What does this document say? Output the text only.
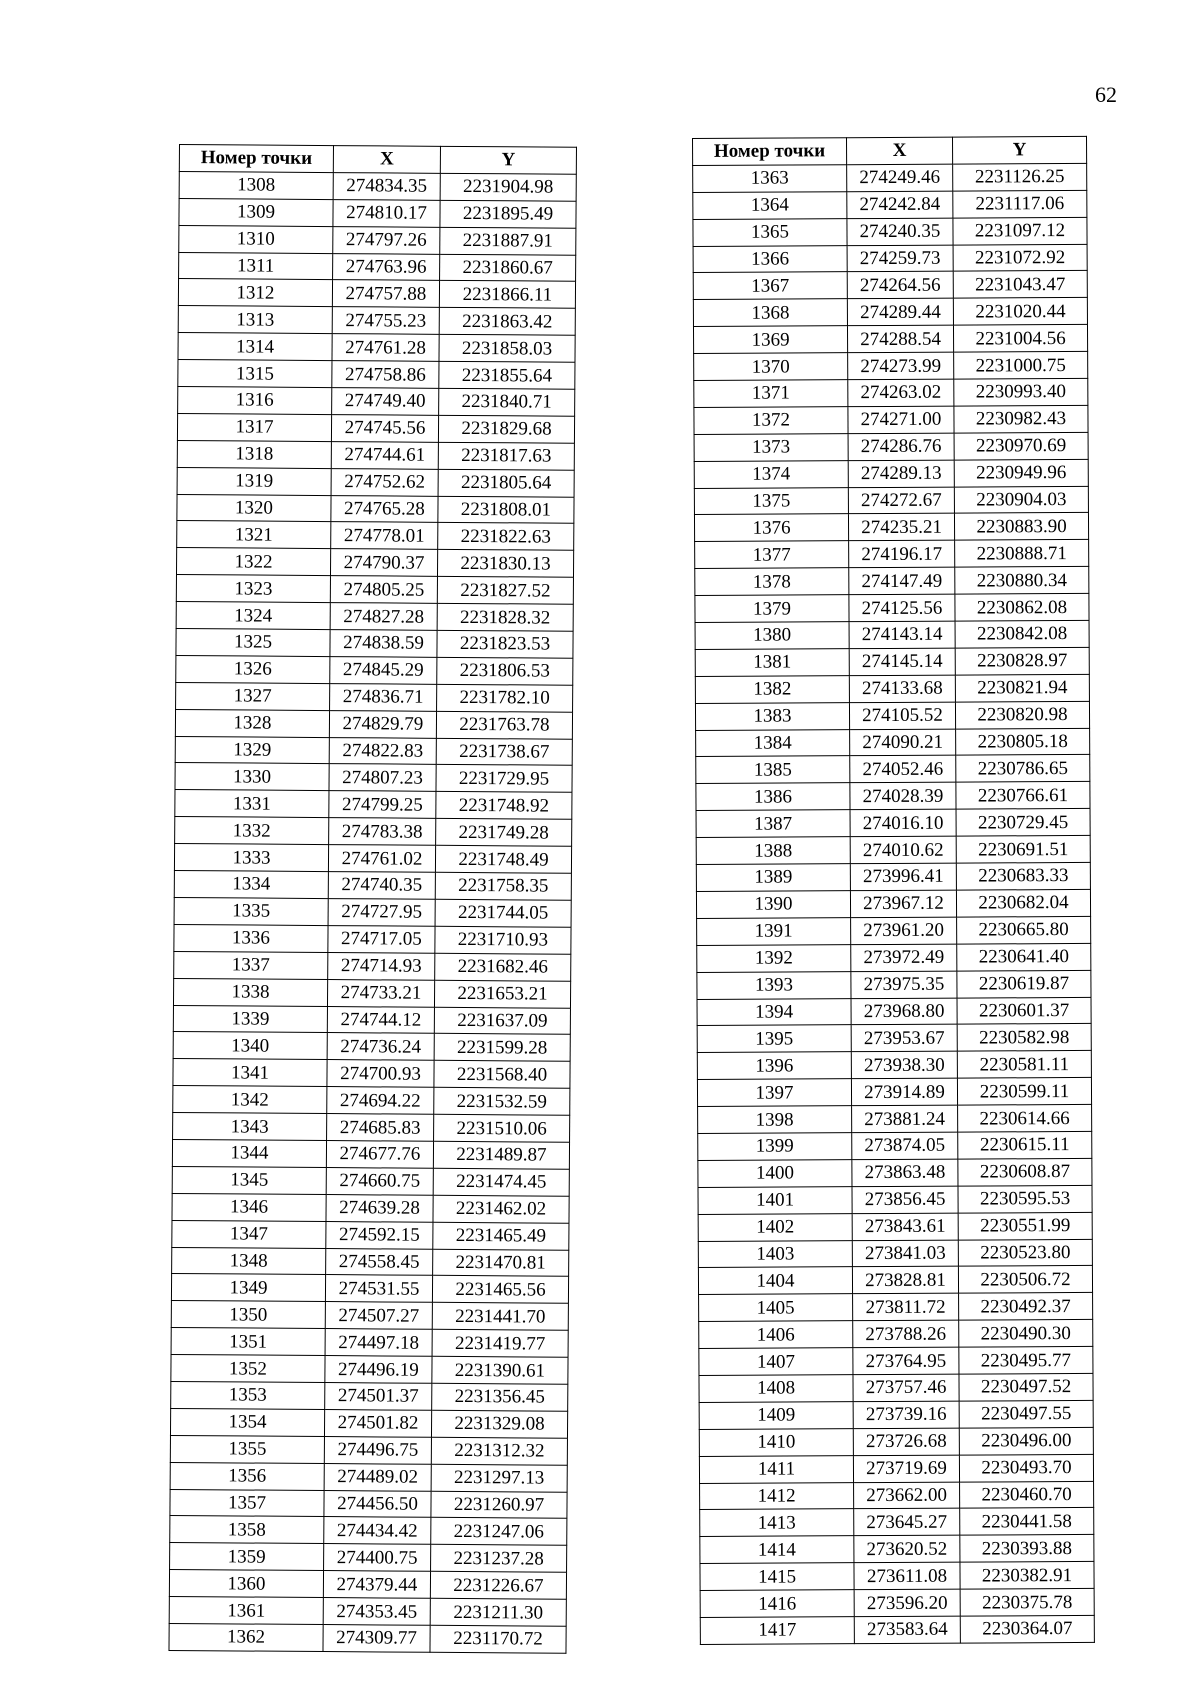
62
Номер точки	X	Y
1308	274834.35	2231904.98
1309	274810.17	2231895.49
1310	274797.26	2231887.91
1311	274763.96	2231860.67
1312	274757.88	2231866.11
1313	274755.23	2231863.42
1314	274761.28	2231858.03
1315	274758.86	2231855.64
1316	274749.40	2231840.71
1317	274745.56	2231829.68
1318	274744.61	2231817.63
1319	274752.62	2231805.64
1320	274765.28	2231808.01
1321	274778.01	2231822.63
1322	274790.37	2231830.13
1323	274805.25	2231827.52
1324	274827.28	2231828.32
1325	274838.59	2231823.53
1326	274845.29	2231806.53
1327	274836.71	2231782.10
1328	274829.79	2231763.78
1329	274822.83	2231738.67
1330	274807.23	2231729.95
1331	274799.25	2231748.92
1332	274783.38	2231749.28
1333	274761.02	2231748.49
1334	274740.35	2231758.35
1335	274727.95	2231744.05
1336	274717.05	2231710.93
1337	274714.93	2231682.46
1338	274733.21	2231653.21
1339	274744.12	2231637.09
1340	274736.24	2231599.28
1341	274700.93	2231568.40
1342	274694.22	2231532.59
1343	274685.83	2231510.06
1344	274677.76	2231489.87
1345	274660.75	2231474.45
1346	274639.28	2231462.02
1347	274592.15	2231465.49
1348	274558.45	2231470.81
1349	274531.55	2231465.56
1350	274507.27	2231441.70
1351	274497.18	2231419.77
1352	274496.19	2231390.61
1353	274501.37	2231356.45
1354	274501.82	2231329.08
1355	274496.75	2231312.32
1356	274489.02	2231297.13
1357	274456.50	2231260.97
1358	274434.42	2231247.06
1359	274400.75	2231237.28
1360	274379.44	2231226.67
1361	274353.45	2231211.30
1362	274309.77	2231170.72
Номер точки	X	Y
1363	274249.46	2231126.25
1364	274242.84	2231117.06
1365	274240.35	2231097.12
1366	274259.73	2231072.92
1367	274264.56	2231043.47
1368	274289.44	2231020.44
1369	274288.54	2231004.56
1370	274273.99	2231000.75
1371	274263.02	2230993.40
1372	274271.00	2230982.43
1373	274286.76	2230970.69
1374	274289.13	2230949.96
1375	274272.67	2230904.03
1376	274235.21	2230883.90
1377	274196.17	2230888.71
1378	274147.49	2230880.34
1379	274125.56	2230862.08
1380	274143.14	2230842.08
1381	274145.14	2230828.97
1382	274133.68	2230821.94
1383	274105.52	2230820.98
1384	274090.21	2230805.18
1385	274052.46	2230786.65
1386	274028.39	2230766.61
1387	274016.10	2230729.45
1388	274010.62	2230691.51
1389	273996.41	2230683.33
1390	273967.12	2230682.04
1391	273961.20	2230665.80
1392	273972.49	2230641.40
1393	273975.35	2230619.87
1394	273968.80	2230601.37
1395	273953.67	2230582.98
1396	273938.30	2230581.11
1397	273914.89	2230599.11
1398	273881.24	2230614.66
1399	273874.05	2230615.11
1400	273863.48	2230608.87
1401	273856.45	2230595.53
1402	273843.61	2230551.99
1403	273841.03	2230523.80
1404	273828.81	2230506.72
1405	273811.72	2230492.37
1406	273788.26	2230490.30
1407	273764.95	2230495.77
1408	273757.46	2230497.52
1409	273739.16	2230497.55
1410	273726.68	2230496.00
1411	273719.69	2230493.70
1412	273662.00	2230460.70
1413	273645.27	2230441.58
1414	273620.52	2230393.88
1415	273611.08	2230382.91
1416	273596.20	2230375.78
1417	273583.64	2230364.07
